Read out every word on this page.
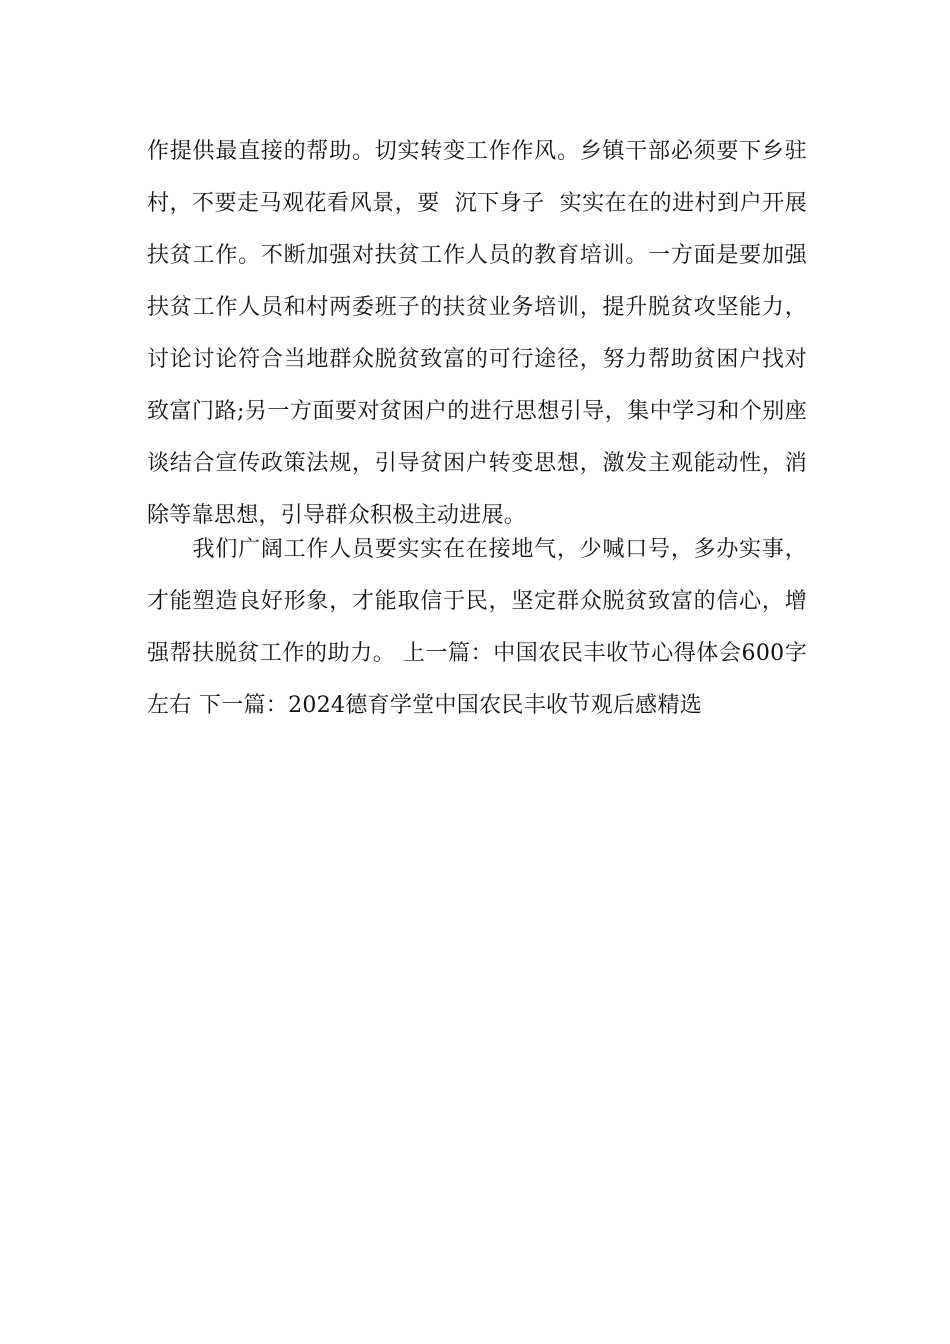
作提供最直接的帮助。切实转变工作作风。乡镇干部必须要下乡驻
村，不要走马观花看风景，要  沉下身子  实实在在的进村到户开展
扶贫工作。不断加强对扶贫工作人员的教育培训。一方面是要加强
扶贫工作人员和村两委班子的扶贫业务培训，提升脱贫攻坚能力，
讨论讨论符合当地群众脱贫致富的可行途径，努力帮助贫困户找对
致富门路;另一方面要对贫困户的进行思想引导，集中学习和个别座
谈结合宣传政策法规，引导贫困户转变思想，激发主观能动性，消
除等靠思想，引导群众积极主动进展。
　　我们广阔工作人员要实实在在接地气，少喊口号，多办实事，
才能塑造良好形象，才能取信于民，坚定群众脱贫致富的信心，增
强帮扶脱贫工作的助力。 上一篇：中国农民丰收节心得体会600字
左右 下一篇：2024德育学堂中国农民丰收节观后感精选
